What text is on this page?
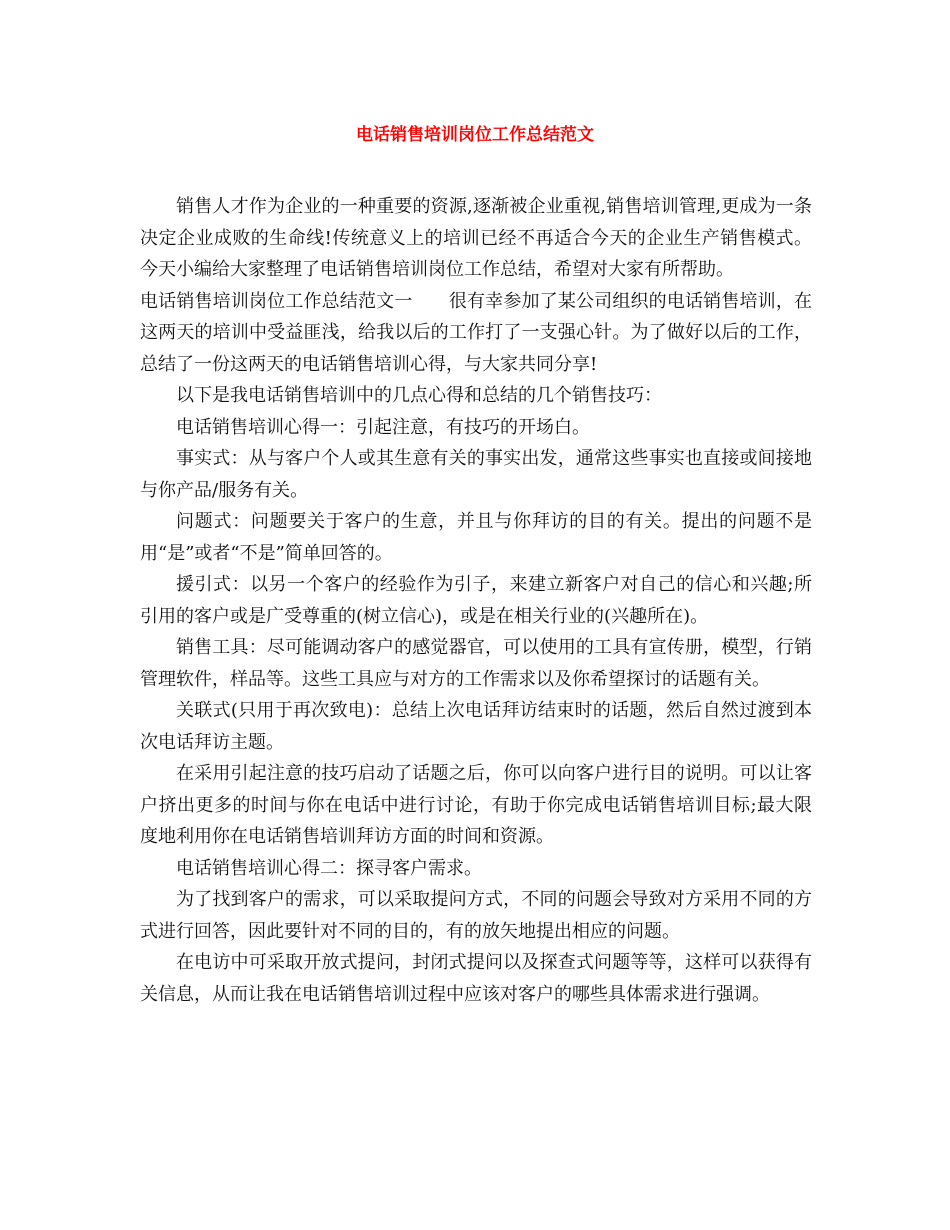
电话销售培训岗位工作总结范文

销售人才作为企业的一种重要的资源,逐渐被企业重视,销售培训管理,更成为一条决定企业成败的生命线!传统意义上的培训已经不再适合今天的企业生产销售模式。今天小编给大家整理了电话销售培训岗位工作总结，希望对大家有所帮助。

电话销售培训岗位工作总结范文一　　很有幸参加了某公司组织的电话销售培训，在这两天的培训中受益匪浅，给我以后的工作打了一支强心针。为了做好以后的工作，总结了一份这两天的电话销售培训心得，与大家共同分享!

以下是我电话销售培训中的几点心得和总结的几个销售技巧：

电话销售培训心得一：引起注意，有技巧的开场白。

事实式：从与客户个人或其生意有关的事实出发，通常这些事实也直接或间接地与你产品/服务有关。

问题式：问题要关于客户的生意，并且与你拜访的目的有关。提出的问题不是用“是”或者“不是”简单回答的。

援引式：以另一个客户的经验作为引子，来建立新客户对自己的信心和兴趣;所引用的客户或是广受尊重的(树立信心)，或是在相关行业的(兴趣所在)。

销售工具：尽可能调动客户的感觉器官，可以使用的工具有宣传册，模型，行销管理软件，样品等。这些工具应与对方的工作需求以及你希望探讨的话题有关。

关联式(只用于再次致电)：总结上次电话拜访结束时的话题，然后自然过渡到本次电话拜访主题。

在采用引起注意的技巧启动了话题之后，你可以向客户进行目的说明。可以让客户挤出更多的时间与你在电话中进行讨论，有助于你完成电话销售培训目标;最大限度地利用你在电话销售培训拜访方面的时间和资源。

电话销售培训心得二：探寻客户需求。

为了找到客户的需求，可以采取提问方式，不同的问题会导致对方采用不同的方式进行回答，因此要针对不同的目的，有的放矢地提出相应的问题。

在电访中可采取开放式提问，封闭式提问以及探查式问题等等，这样可以获得有关信息，从而让我在电话销售培训过程中应该对客户的哪些具体需求进行强调。
